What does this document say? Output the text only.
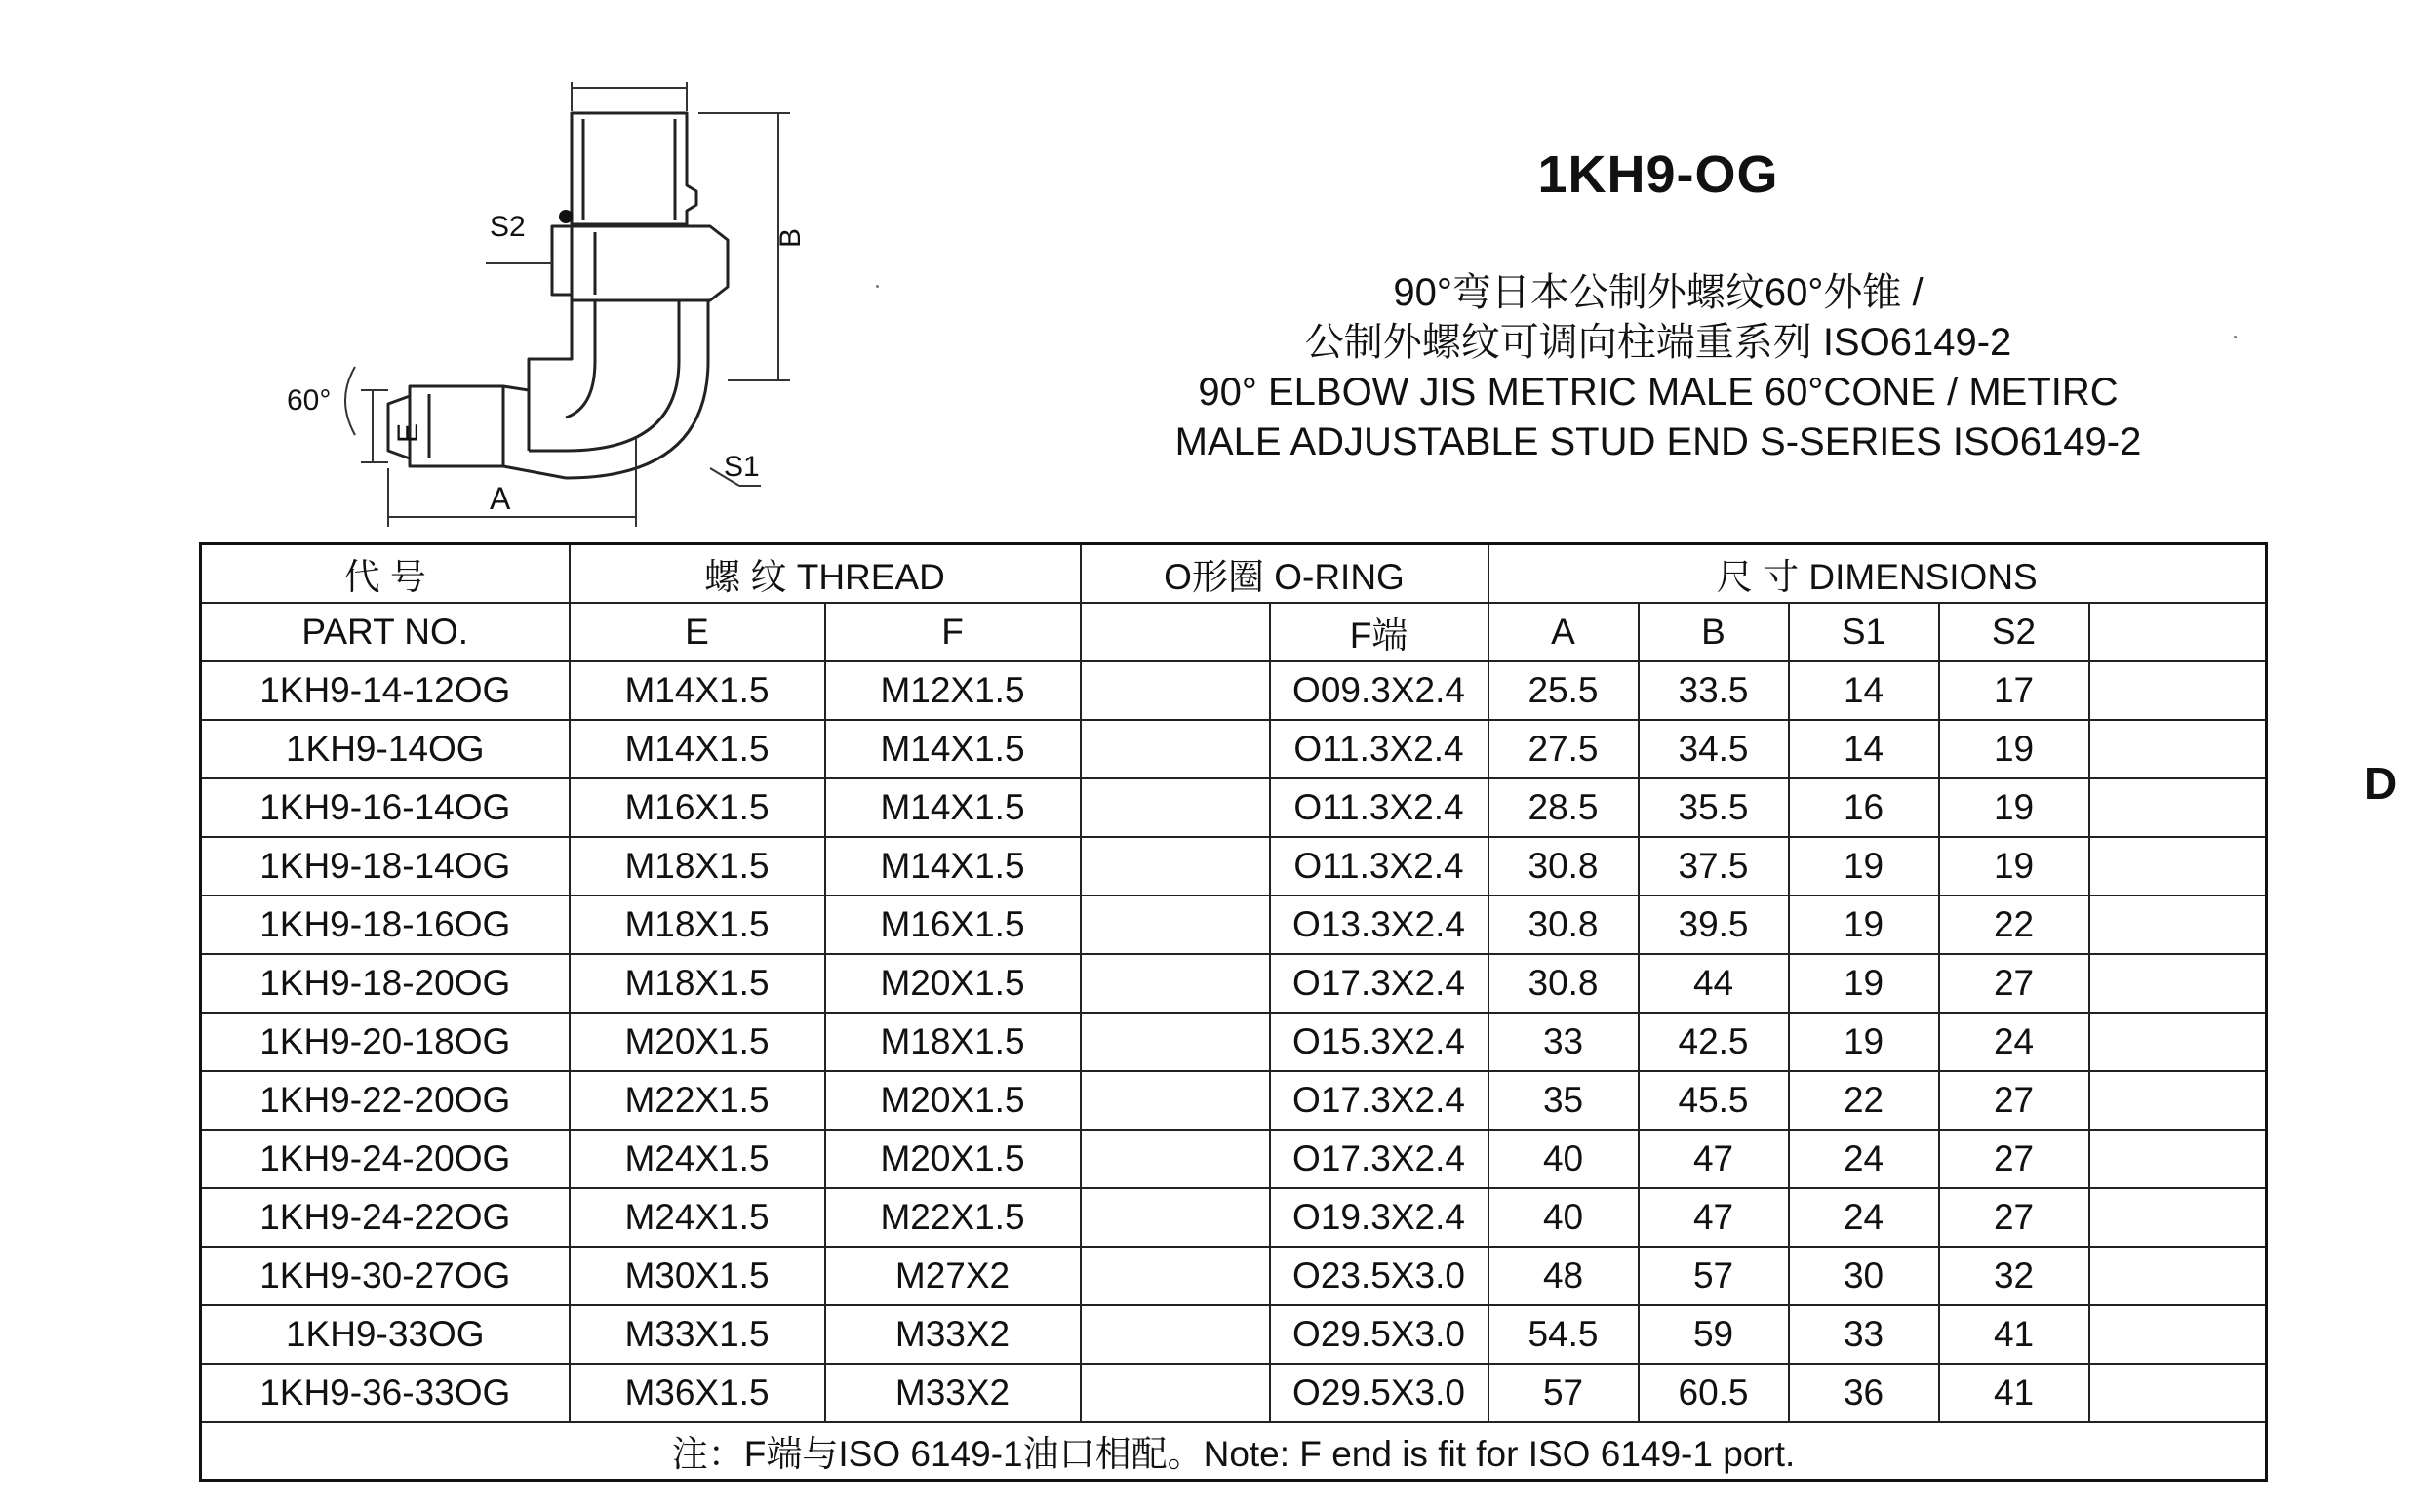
S2
S1
B
E
A
60°
1KH9-OG
90°弯日本公制外螺纹60°外锥 /
公制外螺纹可调向柱端重系列 ISO6149-2
90° ELBOW JIS METRIC MALE 60°CONE / METIRC
MALE ADJUSTABLE STUD END S-SERIES ISO6149-2
D
代 号	螺 纹 THREAD		O形圈 O-RING		尺 寸 DIMENSIONS				
PART NO.	E	F		F端	A	B	S1	S2	
1KH9-14-12OG	M14X1.5	M12X1.5		O09.3X2.4	25.5	33.5	14	17	
1KH9-14OG	M14X1.5	M14X1.5		O11.3X2.4	27.5	34.5	14	19	
1KH9-16-14OG	M16X1.5	M14X1.5		O11.3X2.4	28.5	35.5	16	19	
1KH9-18-14OG	M18X1.5	M14X1.5		O11.3X2.4	30.8	37.5	19	19	
1KH9-18-16OG	M18X1.5	M16X1.5		O13.3X2.4	30.8	39.5	19	22	
1KH9-18-20OG	M18X1.5	M20X1.5		O17.3X2.4	30.8	44	19	27	
1KH9-20-18OG	M20X1.5	M18X1.5		O15.3X2.4	33	42.5	19	24	
1KH9-22-20OG	M22X1.5	M20X1.5		O17.3X2.4	35	45.5	22	27	
1KH9-24-20OG	M24X1.5	M20X1.5		O17.3X2.4	40	47	24	27	
1KH9-24-22OG	M24X1.5	M22X1.5		O19.3X2.4	40	47	24	27	
1KH9-30-27OG	M30X1.5	M27X2		O23.5X3.0	48	57	30	32	
1KH9-33OG	M33X1.5	M33X2		O29.5X3.0	54.5	59	33	41	
1KH9-36-33OG	M36X1.5	M33X2		O29.5X3.0	57	60.5	36	41	
注：F端与ISO 6149-1油口相配。Note: F end is fit for ISO 6149-1 port.									
